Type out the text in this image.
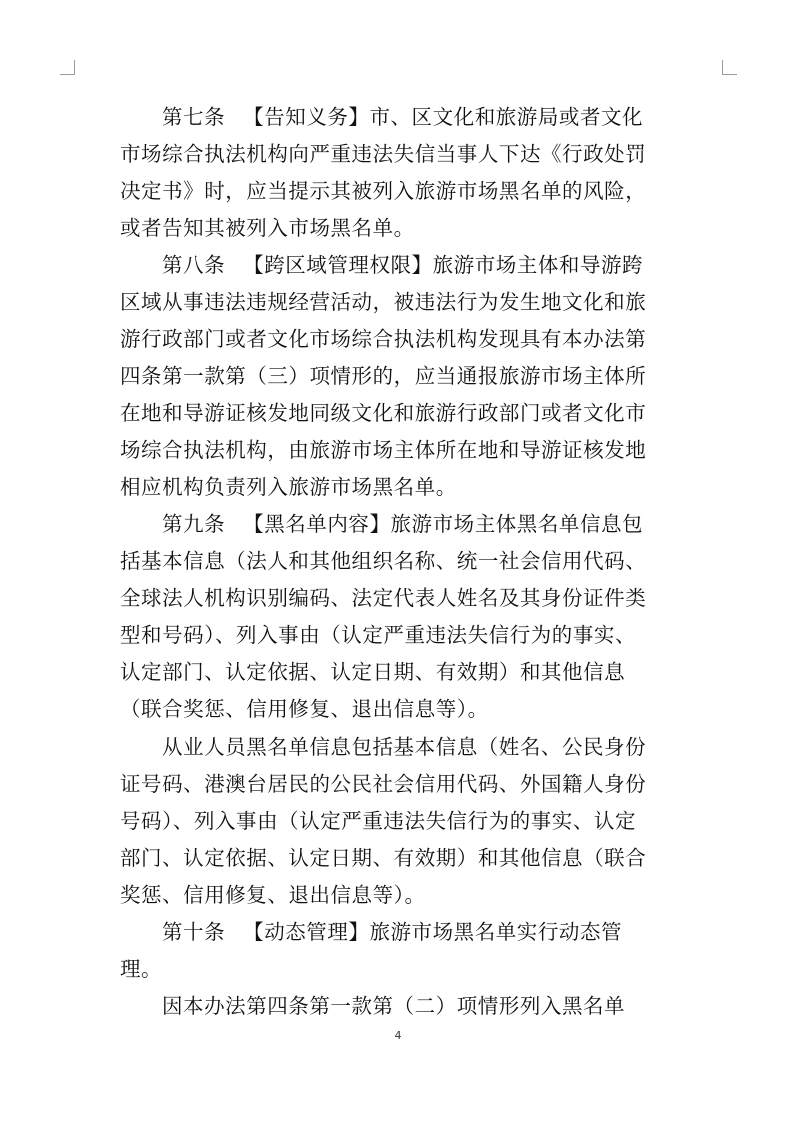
第七条 【告知义务】市、区文化和旅游局或者文化
市场综合执法机构向严重违法失信当事人下达《行政处罚
决定书》时，应当提示其被列入旅游市场黑名单的风险，
或者告知其被列入市场黑名单。
第八条 【跨区域管理权限】旅游市场主体和导游跨
区域从事违法违规经营活动，被违法行为发生地文化和旅
游行政部门或者文化市场综合执法机构发现具有本办法第
四条第一款第（三）项情形的，应当通报旅游市场主体所
在地和导游证核发地同级文化和旅游行政部门或者文化市
场综合执法机构，由旅游市场主体所在地和导游证核发地
相应机构负责列入旅游市场黑名单。
第九条 【黑名单内容】旅游市场主体黑名单信息包
括基本信息（法人和其他组织名称、统一社会信用代码、
全球法人机构识别编码、法定代表人姓名及其身份证件类
型和号码）、列入事由（认定严重违法失信行为的事实、
认定部门、认定依据、认定日期、有效期）和其他信息
（联合奖惩、信用修复、退出信息等）。
从业人员黑名单信息包括基本信息（姓名、公民身份
证号码、港澳台居民的公民社会信用代码、外国籍人身份
号码）、列入事由（认定严重违法失信行为的事实、认定
部门、认定依据、认定日期、有效期）和其他信息（联合
奖惩、信用修复、退出信息等）。
第十条 【动态管理】旅游市场黑名单实行动态管
理。
因本办法第四条第一款第（二）项情形列入黑名单
4
